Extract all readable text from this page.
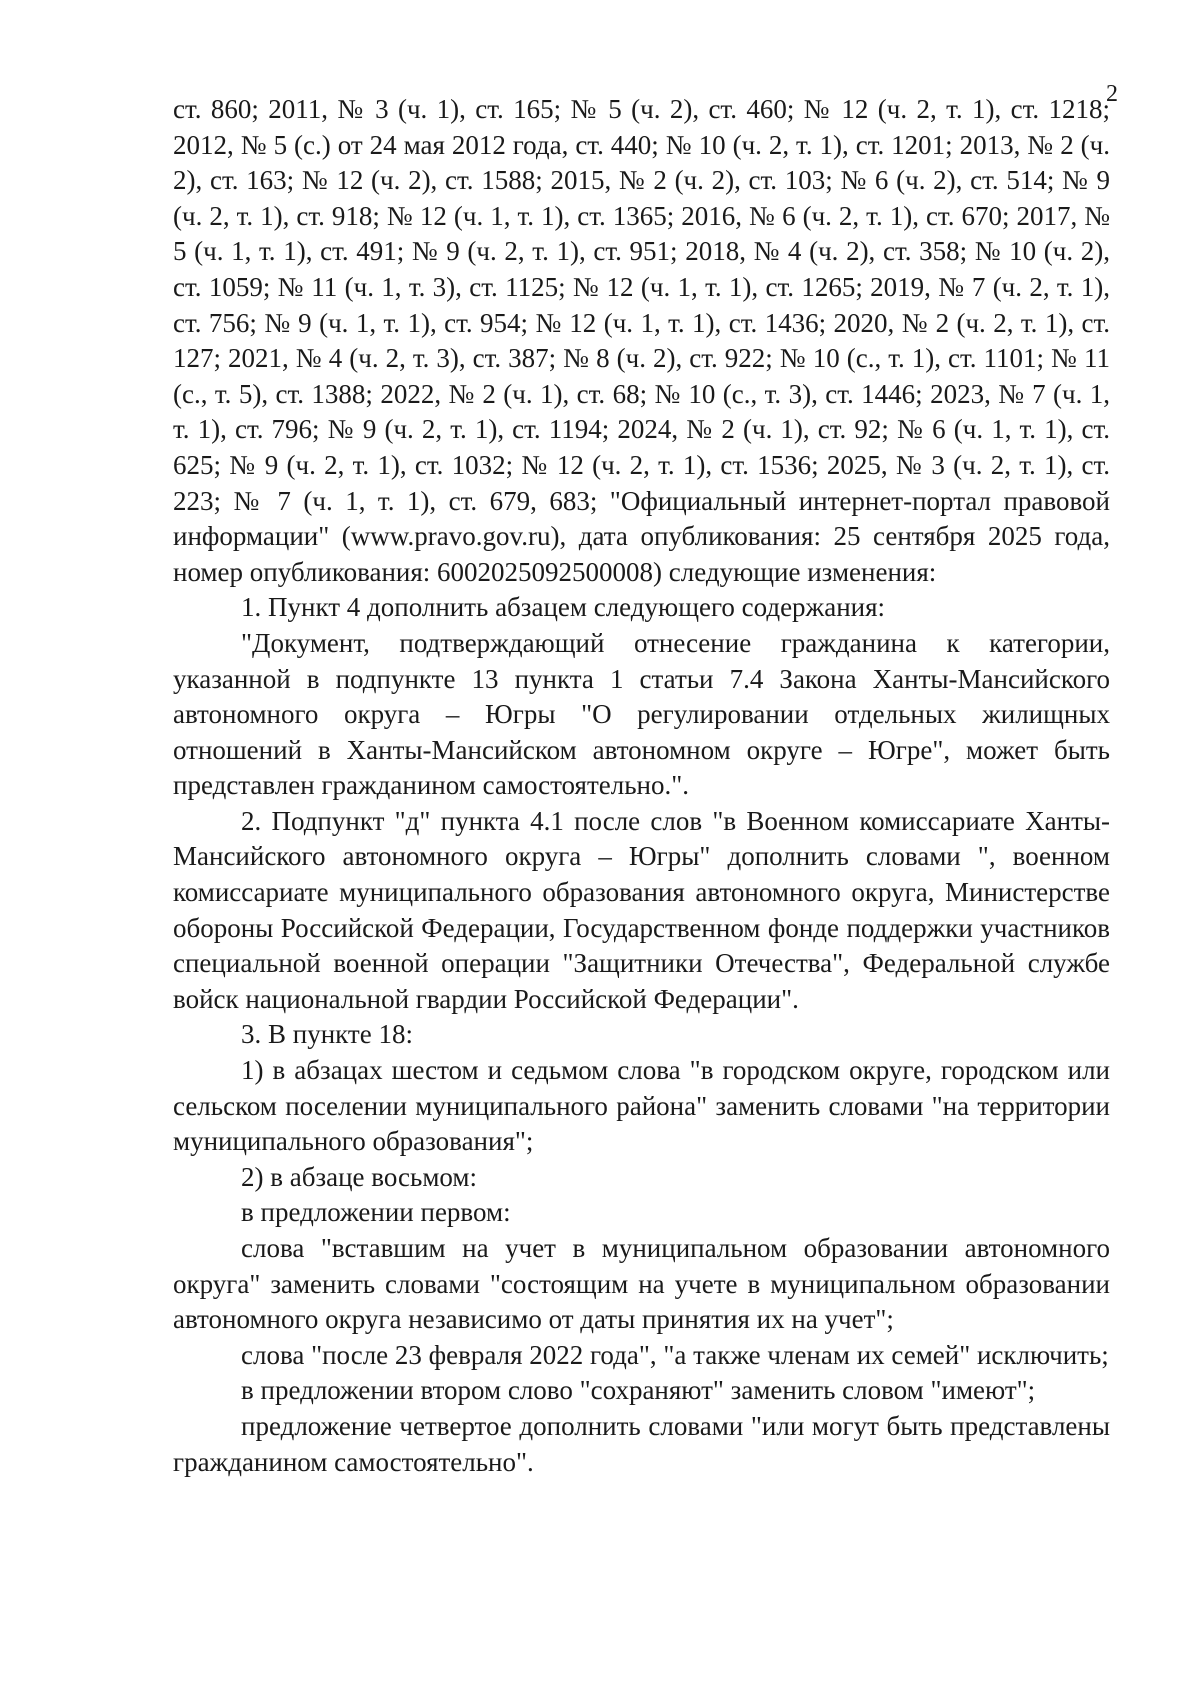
2

ст. 860; 2011, № 3 (ч. 1), ст. 165; № 5 (ч. 2), ст. 460; № 12 (ч. 2, т. 1), ст. 1218; 2012, № 5 (с.) от 24 мая 2012 года, ст. 440; № 10 (ч. 2, т. 1), ст. 1201; 2013, № 2 (ч. 2), ст. 163; № 12 (ч. 2), ст. 1588; 2015, № 2 (ч. 2), ст. 103; № 6 (ч. 2), ст. 514; № 9 (ч. 2, т. 1), ст. 918; № 12 (ч. 1, т. 1), ст. 1365; 2016, № 6 (ч. 2, т. 1), ст. 670; 2017, № 5 (ч. 1, т. 1), ст. 491; № 9 (ч. 2, т. 1), ст. 951; 2018, № 4 (ч. 2), ст. 358; № 10 (ч. 2), ст. 1059; № 11 (ч. 1, т. 3), ст. 1125; № 12 (ч. 1, т. 1), ст. 1265; 2019, № 7 (ч. 2, т. 1), ст. 756; № 9 (ч. 1, т. 1), ст. 954; № 12 (ч. 1, т. 1), ст. 1436; 2020, № 2 (ч. 2, т. 1), ст. 127; 2021, № 4 (ч. 2, т. 3), ст. 387; № 8 (ч. 2), ст. 922; № 10 (с., т. 1), ст. 1101; № 11 (с., т. 5), ст. 1388; 2022, № 2 (ч. 1), ст. 68; № 10 (с., т. 3), ст. 1446; 2023, № 7 (ч. 1, т. 1), ст. 796; № 9 (ч. 2, т. 1), ст. 1194; 2024, № 2 (ч. 1), ст. 92; № 6 (ч. 1, т. 1), ст. 625; № 9 (ч. 2, т. 1), ст. 1032; № 12 (ч. 2, т. 1), ст. 1536; 2025, № 3 (ч. 2, т. 1), ст. 223; № 7 (ч. 1, т. 1), ст. 679, 683; "Официальный интернет-портал правовой информации" (www.pravo.gov.ru), дата опубликования: 25 сентября 2025 года, номер опубликования: 6002025092500008) следующие изменения:

1. Пункт 4 дополнить абзацем следующего содержания:

"Документ, подтверждающий отнесение гражданина к категории, указанной в подпункте 13 пункта 1 статьи 7.4 Закона Ханты-Мансийского автономного округа – Югры "О регулировании отдельных жилищных отношений в Ханты-Мансийском автономном округе – Югре", может быть представлен гражданином самостоятельно.".

2. Подпункт "д" пункта 4.1 после слов "в Военном комиссариате Ханты-Мансийского автономного округа – Югры" дополнить словами ", военном комиссариате муниципального образования автономного округа, Министерстве обороны Российской Федерации, Государственном фонде поддержки участников специальной военной операции "Защитники Отечества", Федеральной службе войск национальной гвардии Российской Федерации".

3. В пункте 18:

1) в абзацах шестом и седьмом слова "в городском округе, городском или сельском поселении муниципального района" заменить словами "на территории муниципального образования";

2) в абзаце восьмом:

в предложении первом:

слова "вставшим на учет в муниципальном образовании автономного округа" заменить словами "состоящим на учете в муниципальном образовании автономного округа независимо от даты принятия их на учет";

слова "после 23 февраля 2022 года", "а также членам их семей" исключить;

в предложении втором слово "сохраняют" заменить словом "имеют";

предложение четвертое дополнить словами "или могут быть представлены гражданином самостоятельно".
